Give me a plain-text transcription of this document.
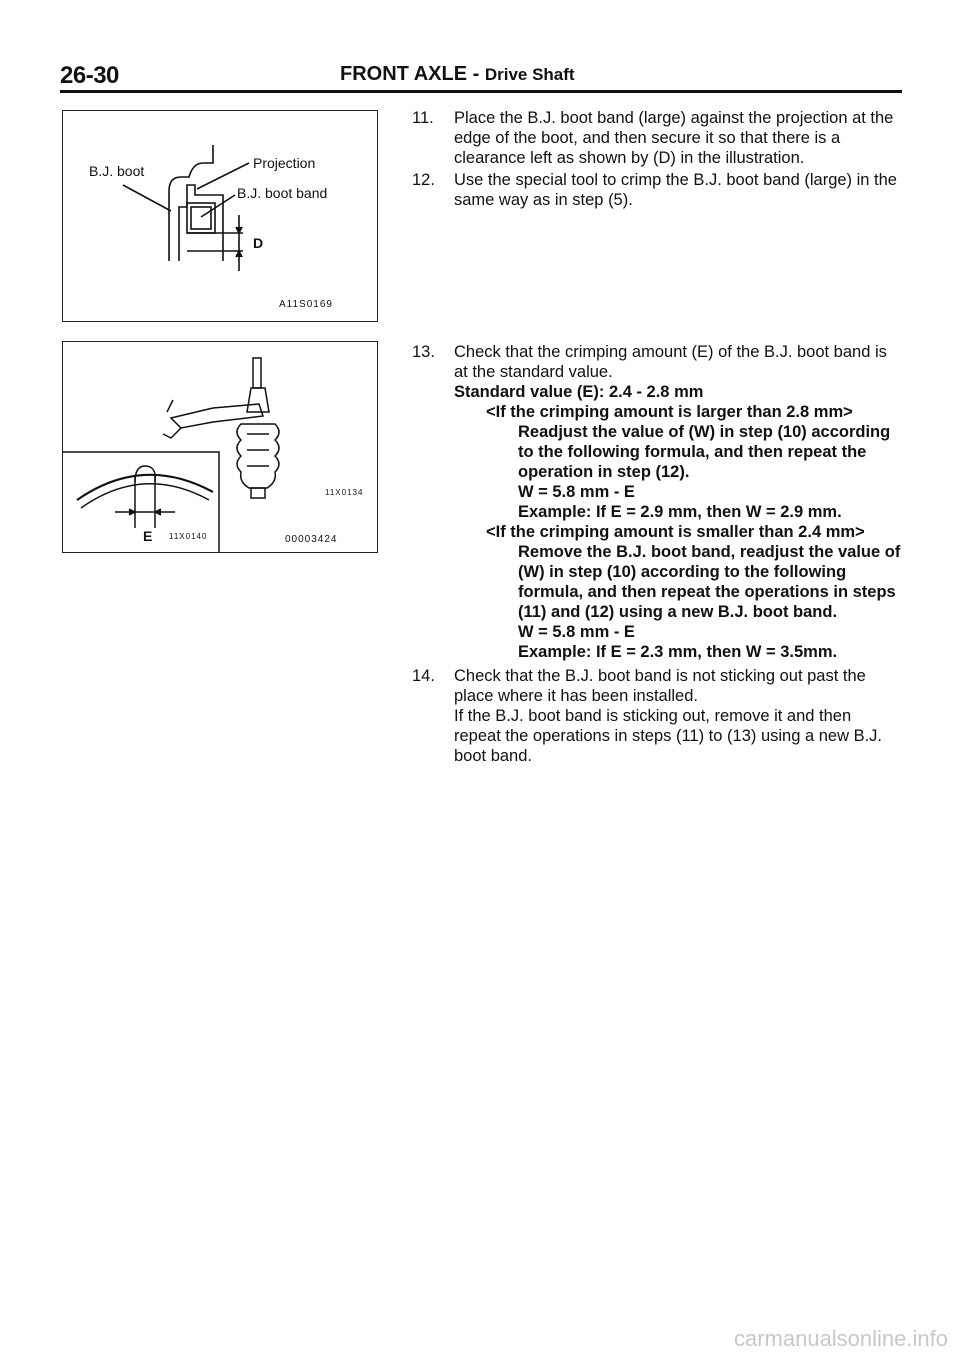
26-30	FRONT AXLE - Drive Shaft
B.J. boot	Projection
B.J. boot band
D
A11S0169
E 11X0140
11X0134
00003424
11. Place the B.J. boot band (large) against the projection at the edge of the boot, and then secure it so that there is a clearance left as shown by (D) in the illustration.

12. Use the special tool to crimp the B.J. boot band (large) in the same way as in step (5).

13. Check that the crimping amount (E) of the B.J. boot band is at the standard value.

Standard value (E): 2.4 - 2.8 mm

<If the crimping amount is larger than 2.8 mm>

Readjust the value of (W) in step (10) according to the following formula, and then repeat the operation in step (12).

W = 5.8 mm - E

Example: If E = 2.9 mm, then W = 2.9 mm.

<If the crimping amount is smaller than 2.4 mm>

Remove the B.J. boot band, readjust the value of (W) in step (10) according to the following formula, and then repeat the operations in steps (11) and (12) using a new B.J. boot band.

W = 5.8 mm - E

Example: If E = 2.3 mm, then W = 3.5mm.

14. Check that the B.J. boot band is not sticking out past the place where it has been installed.

If the B.J. boot band is sticking out, remove it and then repeat the operations in steps (11) to (13) using a new B.J. boot band.

carmanualsonline.info
